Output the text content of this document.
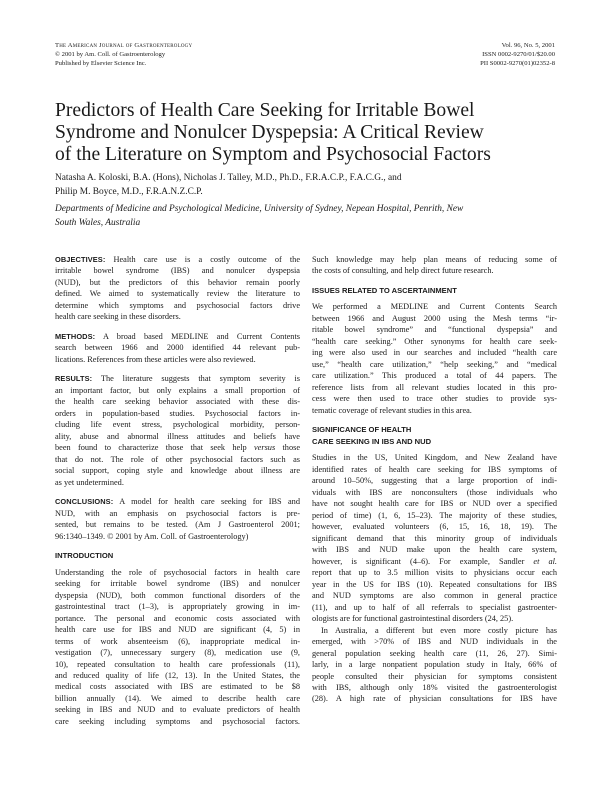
The American Journal of Gastroenterology
© 2001 by Am. Coll. of Gastroenterology
Published by Elsevier Science Inc.
Vol. 96, No. 5, 2001
ISSN 0002-9270/01/$20.00
PII S0002-9270(01)02352-8
Predictors of Health Care Seeking for Irritable Bowel
Syndrome and Nonulcer Dyspepsia: A Critical Review
of the Literature on Symptom and Psychosocial Factors
Natasha A. Koloski, B.A. (Hons), Nicholas J. Talley, M.D., Ph.D., F.R.A.C.P., F.A.C.G., and
Philip M. Boyce, M.D., F.R.A.N.Z.C.P.
Departments of Medicine and Psychological Medicine, University of Sydney, Nepean Hospital, Penrith, New
South Wales, Australia

OBJECTIVES: Health care use is a costly outcome of the
irritable bowel syndrome (IBS) and nonulcer dyspepsia
(NUD), but the predictors of this behavior remain poorly
defined. We aimed to systematically review the literature to
determine which symptoms and psychosocial factors drive
health care seeking in these disorders.

METHODS: A broad based MEDLINE and Current Contents
search between 1966 and 2000 identified 44 relevant pub-
lications. References from these articles were also reviewed.

RESULTS: The literature suggests that symptom severity is
an important factor, but only explains a small proportion of
the health care seeking behavior associated with these dis-
orders in population-based studies. Psychosocial factors in-
cluding life event stress, psychological morbidity, person-
ality, abuse and abnormal illness attitudes and beliefs have
been found to characterize those that seek help versus those
that do not. The role of other psychosocial factors such as
social support, coping style and knowledge about illness are
as yet undetermined.

CONCLUSIONS: A model for health care seeking for IBS and
NUD, with an emphasis on psychosocial factors is pre-
sented, but remains to be tested. (Am J Gastroenterol 2001;
96:1340–1349. © 2001 by Am. Coll. of Gastroenterology)

INTRODUCTION

Understanding the role of psychosocial factors in health care
seeking for irritable bowel syndrome (IBS) and nonulcer
dyspepsia (NUD), both common functional disorders of the
gastrointestinal tract (1–3), is appropriately growing in im-
portance. The personal and economic costs associated with
health care use for IBS and NUD are significant (4, 5) in
terms of work absenteeism (6), inappropriate medical in-
vestigation (7), unnecessary surgery (8), medication use (9,
10), repeated consultation to health care professionals (11),
and reduced quality of life (12, 13). In the United States, the
medical costs associated with IBS are estimated to be $8
billion annually (14). We aimed to describe health care
seeking in IBS and NUD and to evaluate predictors of health
care seeking including symptoms and psychosocial factors.

Such knowledge may help plan means of reducing some of
the costs of consulting, and help direct future research.

ISSUES RELATED TO ASCERTAINMENT

We performed a MEDLINE and Current Contents Search
between 1966 and August 2000 using the Mesh terms “ir-
ritable bowel syndrome” and “functional dyspepsia” and
“health care seeking.” Other synonyms for health care seek-
ing were also used in our searches and included “health care
use,” “health care utilization,” “help seeking,” and “medical
care utilization.” This produced a total of 44 papers. The
reference lists from all relevant studies located in this pro-
cess were then used to trace other studies to provide sys-
tematic coverage of relevant studies in this area.

SIGNIFICANCE OF HEALTH
CARE SEEKING IN IBS AND NUD

Studies in the US, United Kingdom, and New Zealand have
identified rates of health care seeking for IBS symptoms of
around 10–50%, suggesting that a large proportion of indi-
viduals with IBS are nonconsulters (those individuals who
have not sought health care for IBS or NUD over a specified
period of time) (1, 6, 15–23). The majority of these studies,
however, evaluated volunteers (6, 15, 16, 18, 19). The
significant demand that this minority group of individuals
with IBS and NUD make upon the health care system,
however, is significant (4–6). For example, Sandler et al.
report that up to 3.5 million visits to physicians occur each
year in the US for IBS (10). Repeated consultations for IBS
and NUD symptoms are also common in general practice
(11), and up to half of all referrals to specialist gastroenter-
ologists are for functional gastrointestinal disorders (24, 25).

In Australia, a different but even more costly picture has
emerged, with >70% of IBS and NUD individuals in the
general population seeking health care (11, 26, 27). Simi-
larly, in a large nonpatient population study in Italy, 66% of
people consulted their physician for symptoms consistent
with IBS, although only 18% visited the gastroenterologist
(28). A high rate of physician consultations for IBS have
